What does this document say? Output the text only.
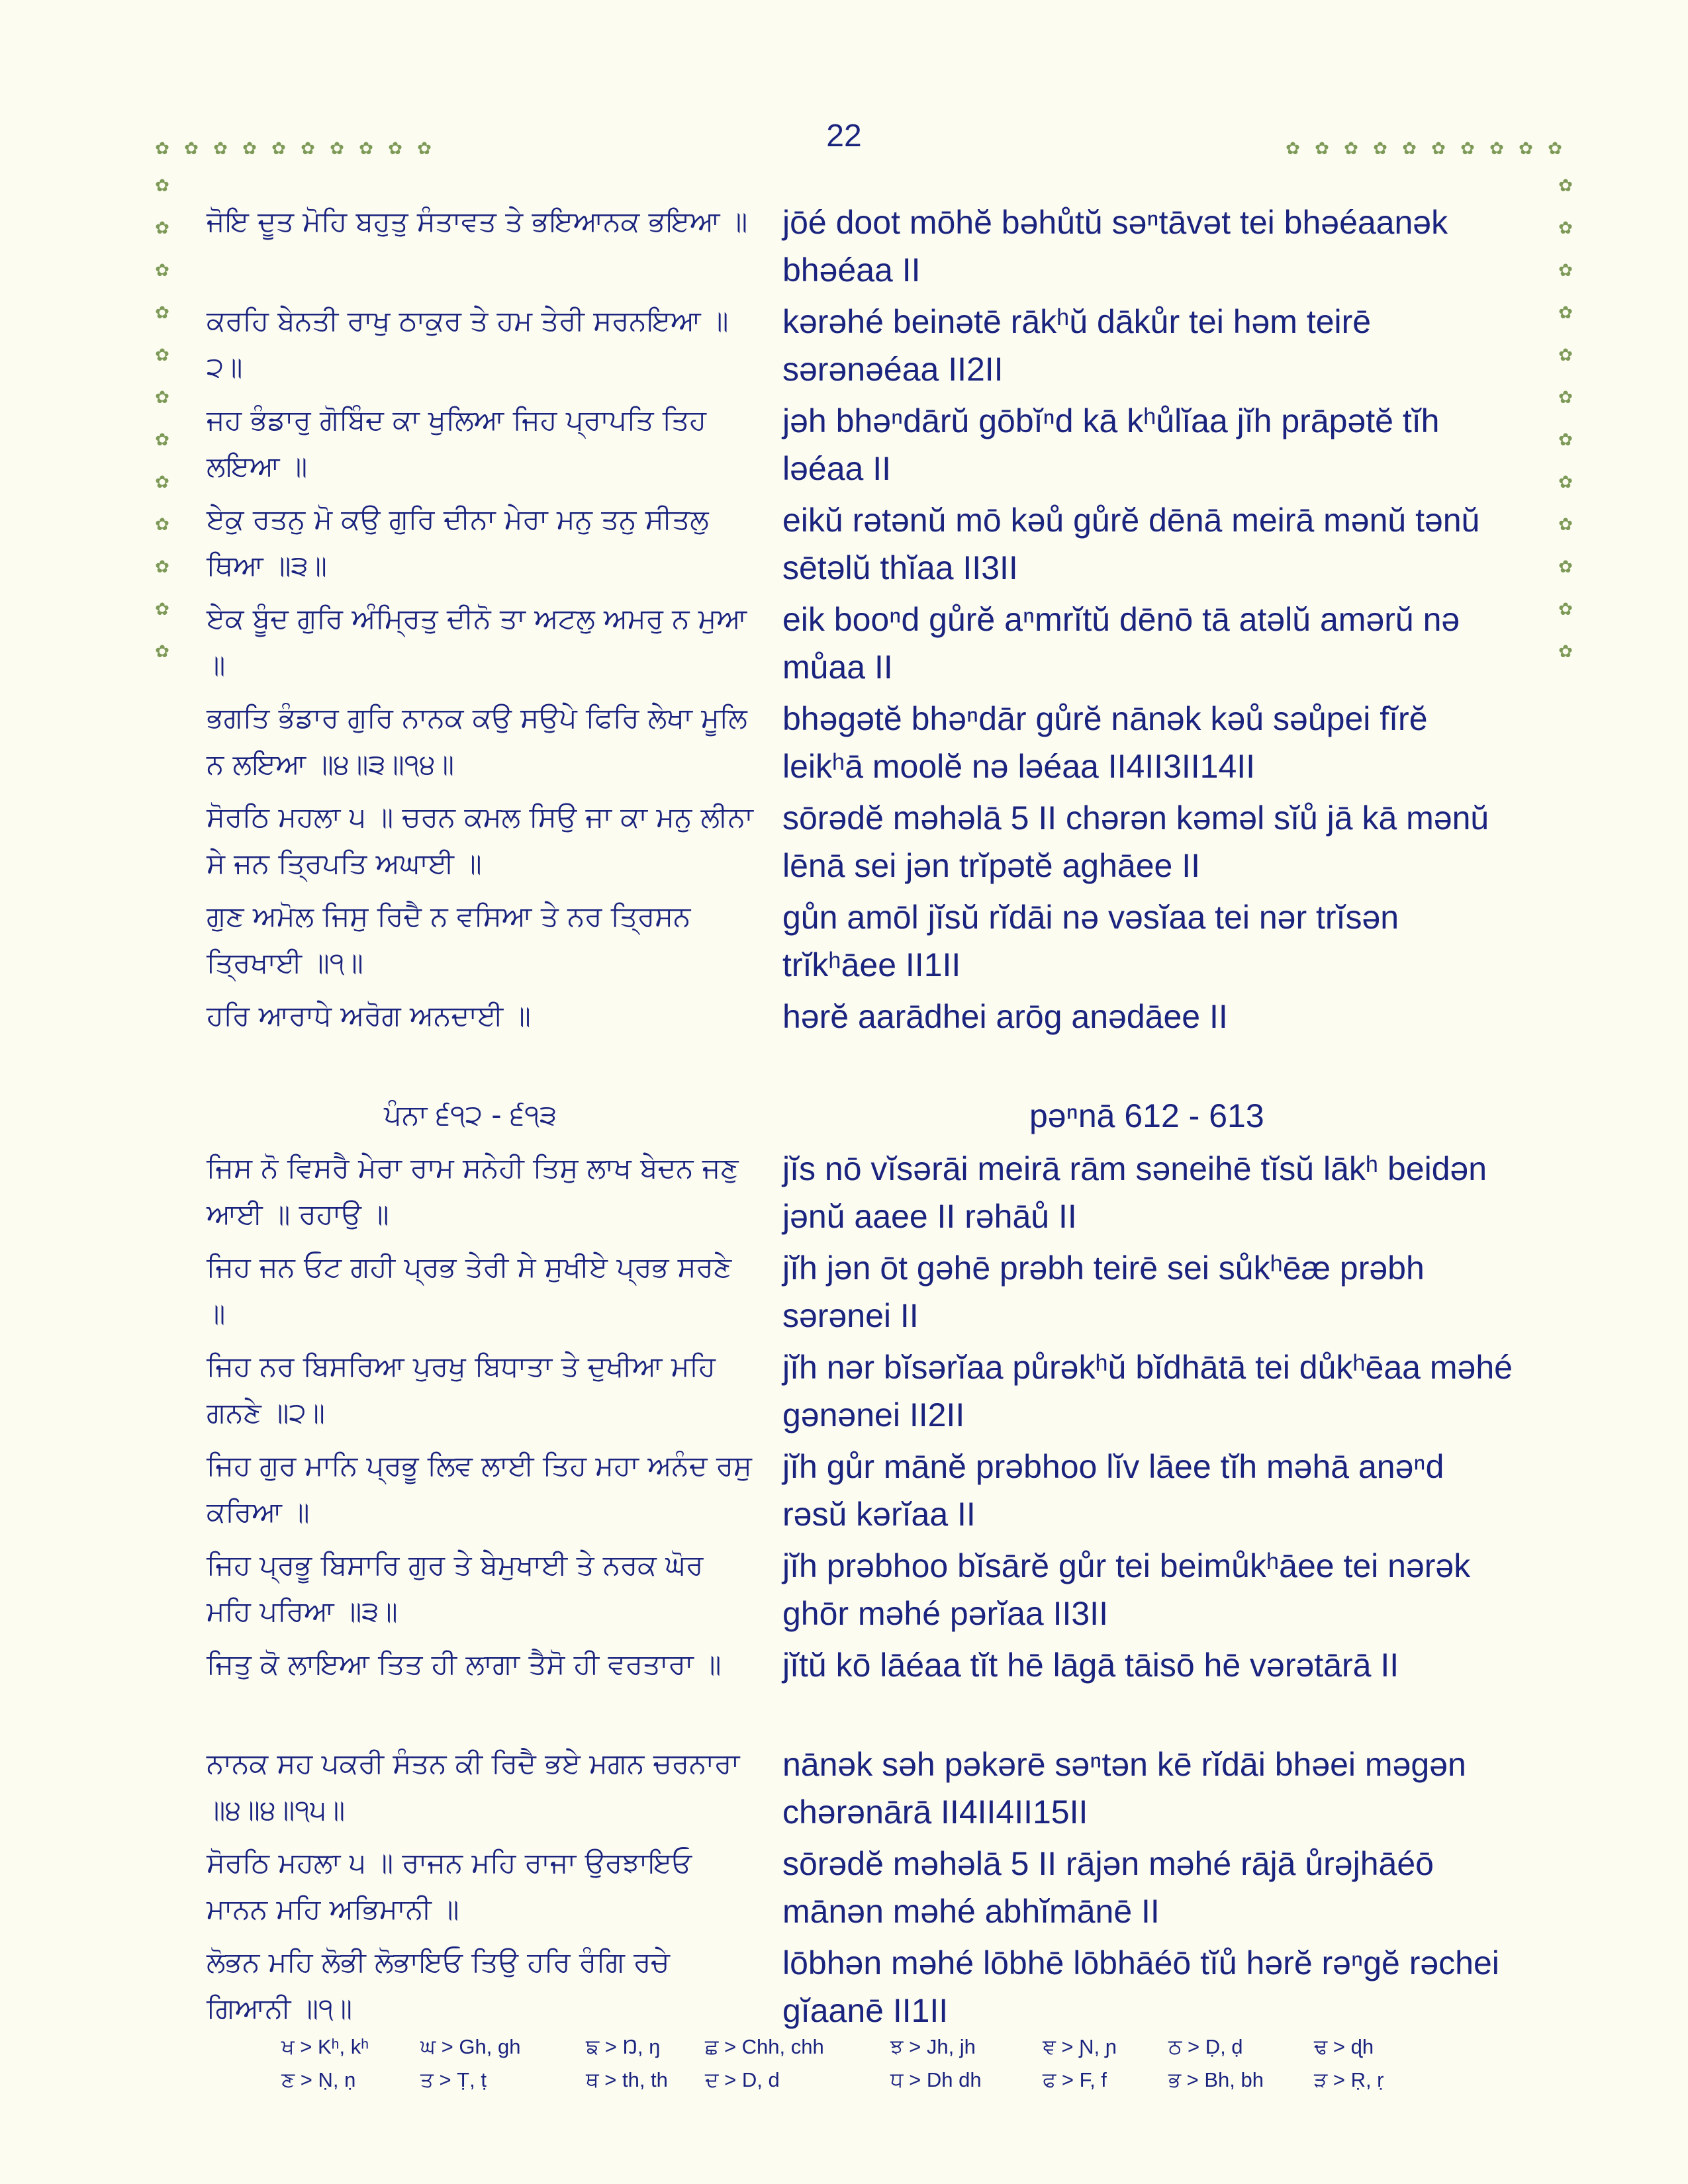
22
✿ ✿ ✿ ✿ ✿ ✿ ✿ ✿ ✿ ✿	✿ ✿ ✿ ✿ ✿ ✿ ✿ ✿ ✿ ✿
✿
✿
✿
✿
✿
✿
✿
✿
✿
✿
✿
✿
✿
✿
✿
✿
✿
✿
✿
✿
✿
✿
✿
✿

ਜੋਇ ਦੂਤ ਮੋਹਿ ਬਹੁਤੁ ਸੰਤਾਵਤ ਤੇ ਭਇਆਨਕ ਭਇਆ ॥ jōé doot mōhĕ bəhůtŭ səⁿtāvət tei bhəéaanək bhəéaa II

ਕਰਹਿ ਬੇਨਤੀ ਰਾਖੁ ਠਾਕੁਰ ਤੇ ਹਮ ਤੇਰੀ ਸਰਨਇਆ ॥੨॥

kərəhé beinətē rākʰŭ dākůr tei həm teirē sərənəéaa II2II

ਜਹ ਭੰਡਾਰੁ ਗੋਬਿੰਦ ਕਾ ਖੁਲਿਆ ਜਿਹ ਪ੍ਰਾਪਤਿ ਤਿਹ ਲਇਆ ॥

jəh bhəⁿdārŭ gōbĭⁿd kā kʰůlĭaa jĭh prāpətĕ tĭh ləéaa II

ਏਕੁ ਰਤਨੁ ਮੋ ਕਉ ਗੁਰਿ ਦੀਨਾ ਮੇਰਾ ਮਨੁ ਤਨੁ ਸੀਤਲੁ ਥਿਆ ॥੩॥

eikŭ rətənŭ mō kəů gůrĕ dēnā meirā mənŭ tənŭ sētəlŭ thĭaa II3II

ਏਕ ਬੂੰਦ ਗੁਰਿ ਅੰਮ੍ਰਿਤੁ ਦੀਨੋ ਤਾ ਅਟਲੁ ਅਮਰੁ ਨ ਮੁਆ ॥

eik booⁿd gůrĕ aⁿmrĭtŭ dēnō tā atəlŭ amərŭ nə můaa II

ਭਗਤਿ ਭੰਡਾਰ ਗੁਰਿ ਨਾਨਕ ਕਉ ਸਉਪੇ ਫਿਰਿ ਲੇਖਾ ਮੂਲਿ ਨ ਲਇਆ ॥੪॥੩॥੧੪॥

bhəgətĕ bhəⁿdār gůrĕ nānək kəů səůpei fĭrĕ leikʰā moolĕ nə ləéaa II4II3II14II

ਸੋਰਠਿ ਮਹਲਾ ੫ ॥ ਚਰਨ ਕਮਲ ਸਿਉ ਜਾ ਕਾ ਮਨੁ ਲੀਨਾ ਸੇ ਜਨ ਤ੍ਰਿਪਤਿ ਅਘਾਈ ॥

sōrədĕ məhəlā 5 II chərən kəməl sĭů jā kā mənŭ lēnā sei jən trĭpətĕ aghāee II

ਗੁਣ ਅਮੋਲ ਜਿਸੁ ਰਿਦੈ ਨ ਵਸਿਆ ਤੇ ਨਰ ਤ੍ਰਿਸਨ ਤ੍ਰਿਖਾਈ ॥੧॥

gůn amōl jĭsŭ rĭdāi nə vəsĭaa tei nər trĭsən trĭkʰāee II1II

ਹਰਿ ਆਰਾਧੇ ਅਰੋਗ ਅਨਦਾਈ ॥	hərĕ aarādhei arōg anədāee II

ਪੰਨਾ ੬੧੨ - ੬੧੩	pəⁿnā 612 - 613

ਜਿਸ ਨੋ ਵਿਸਰੈ ਮੇਰਾ ਰਾਮ ਸਨੇਹੀ ਤਿਸੁ ਲਾਖ ਬੇਦਨ ਜਣੁ ਆਈ ॥ ਰਹਾਉ ॥

jĭs nō vĭsərāi meirā rām səneihē tĭsŭ lākʰ beidən jənŭ aaee II rəhāů II

ਜਿਹ ਜਨ ਓਟ ਗਹੀ ਪ੍ਰਭ ਤੇਰੀ ਸੇ ਸੁਖੀਏ ਪ੍ਰਭ ਸਰਣੇ ॥

jĭh jən ōt gəhē prəbh teirē sei sůkʰēæ prəbh sərənei II

ਜਿਹ ਨਰ ਬਿਸਰਿਆ ਪੁਰਖੁ ਬਿਧਾਤਾ ਤੇ ਦੁਖੀਆ ਮਹਿ ਗਨਣੇ ॥੨॥

jĭh nər bĭsərĭaa půrəkʰŭ bĭdhātā tei důkʰēaa məhé gənənei II2II

ਜਿਹ ਗੁਰ ਮਾਨਿ ਪ੍ਰਭੂ ਲਿਵ ਲਾਈ ਤਿਹ ਮਹਾ ਅਨੰਦ ਰਸੁ ਕਰਿਆ ॥

jĭh gůr mānĕ prəbhoo lĭv lāee tĭh məhā anəⁿd rəsŭ kərĭaa II

ਜਿਹ ਪ੍ਰਭੂ ਬਿਸਾਰਿ ਗੁਰ ਤੇ ਬੇਮੁਖਾਈ ਤੇ ਨਰਕ ਘੋਰ ਮਹਿ ਪਰਿਆ ॥੩॥

jĭh prəbhoo bĭsārĕ gůr tei beimůkʰāee tei nərək ghōr məhé pərĭaa II3II

ਜਿਤੁ ਕੋ ਲਾਇਆ ਤਿਤ ਹੀ ਲਾਗਾ ਤੈਸੋ ਹੀ ਵਰਤਾਰਾ ॥	jĭtŭ kō lāéaa tĭt hē lāgā tāisō hē vərətārā II

ਨਾਨਕ ਸਹ ਪਕਰੀ ਸੰਤਨ ਕੀ ਰਿਦੈ ਭਏ ਮਗਨ ਚਰਨਾਰਾ ॥੪॥੪॥੧੫॥

nānək səh pəkərē səⁿtən kē rĭdāi bhəei məgən chərənārā II4II4II15II

ਸੋਰਠਿ ਮਹਲਾ ੫ ॥ ਰਾਜਨ ਮਹਿ ਰਾਜਾ ਉਰਝਾਇਓ ਮਾਨਨ ਮਹਿ ਅਭਿਮਾਨੀ ॥

sōrədĕ məhəlā 5 II rājən məhé rājā ůrəjhāéō mānən məhé abhĭmānē II

ਲੋਭਨ ਮਹਿ ਲੋਭੀ ਲੋਭਾਇਓ ਤਿਉ ਹਰਿ ਰੰਗਿ ਰਚੇ ਗਿਆਨੀ ॥੧॥

lōbhən məhé lōbhē lōbhāéō tĭů hərĕ rəⁿgĕ rəchei gĭaanē II1II

ਖ > Kʰ, kʰ	ਘ > Gh, gh	ਙ > Ŋ, ŋ ਛ > Chh, chh	ਝ > Jh, jh	ਞ > Ɲ, ɲ	ਠ > Ḍ, ḍ	ਢ > ɖh
ਣ > Ṇ, ṇ	ਤ > Ṭ, ṭ	ਥ > th, th ਦ > D, d	ਧ > Dh dh	ਫ > F, f	ਭ > Bh, bh ੜ > Ṛ, ṛ
